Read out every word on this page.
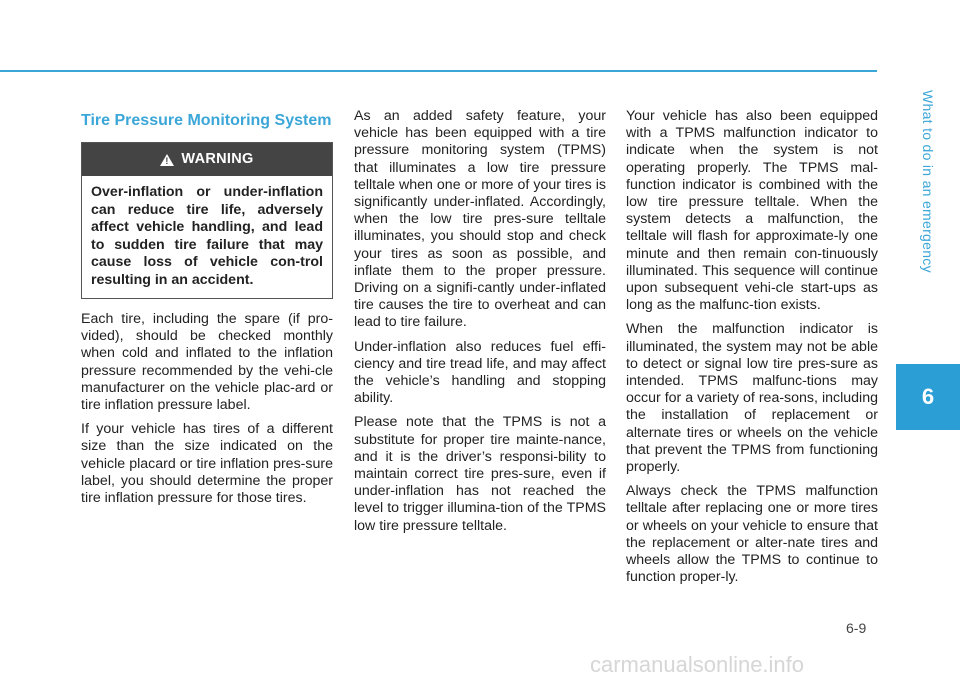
What to do in an emergency
6
Tire Pressure Monitoring System
!
WARNING
Over-inflation or under-inflation can reduce tire life, adversely affect vehicle handling, and lead to sudden tire failure that may cause loss of vehicle con-trol resulting in an accident.

Each tire, including the spare (if pro-vided), should be checked monthly when cold and inflated to the inflation pressure recommended by the vehi-cle manufacturer on the vehicle plac-ard or tire inflation pressure label.

If your vehicle has tires of a different size than the size indicated on the vehicle placard or tire inflation pres-sure label, you should determine the proper tire inflation pressure for those tires.

As an added safety feature, your vehicle has been equipped with a tire pressure monitoring system (TPMS) that illuminates a low tire pressure telltale when one or more of your tires is significantly under-inflated. Accordingly, when the low tire pres-sure telltale illuminates, you should stop and check your tires as soon as possible, and inflate them to the proper pressure. Driving on a signifi-cantly under-inflated tire causes the tire to overheat and can lead to tire failure.

Under-inflation also reduces fuel effi-ciency and tire tread life, and may affect the vehicle’s handling and stopping ability.

Please note that the TPMS is not a substitute for proper tire mainte-nance, and it is the driver’s responsi-bility to maintain correct tire pres-sure, even if under-inflation has not reached the level to trigger illumina-tion of the TPMS low tire pressure telltale.

Your vehicle has also been equipped with a TPMS malfunction indicator to indicate when the system is not operating properly. The TPMS mal-function indicator is combined with the low tire pressure telltale. When the system detects a malfunction, the telltale will flash for approximate-ly one minute and then remain con-tinuously illuminated. This sequence will continue upon subsequent vehi-cle start-ups as long as the malfunc-tion exists.

When the malfunction indicator is illuminated, the system may not be able to detect or signal low tire pres-sure as intended. TPMS malfunc-tions may occur for a variety of rea-sons, including the installation of replacement or alternate tires or wheels on the vehicle that prevent the TPMS from functioning properly.

Always check the TPMS malfunction telltale after replacing one or more tires or wheels on your vehicle to ensure that the replacement or alter-nate tires and wheels allow the TPMS to continue to function proper-ly.

6-9
carmanualsonline.info
